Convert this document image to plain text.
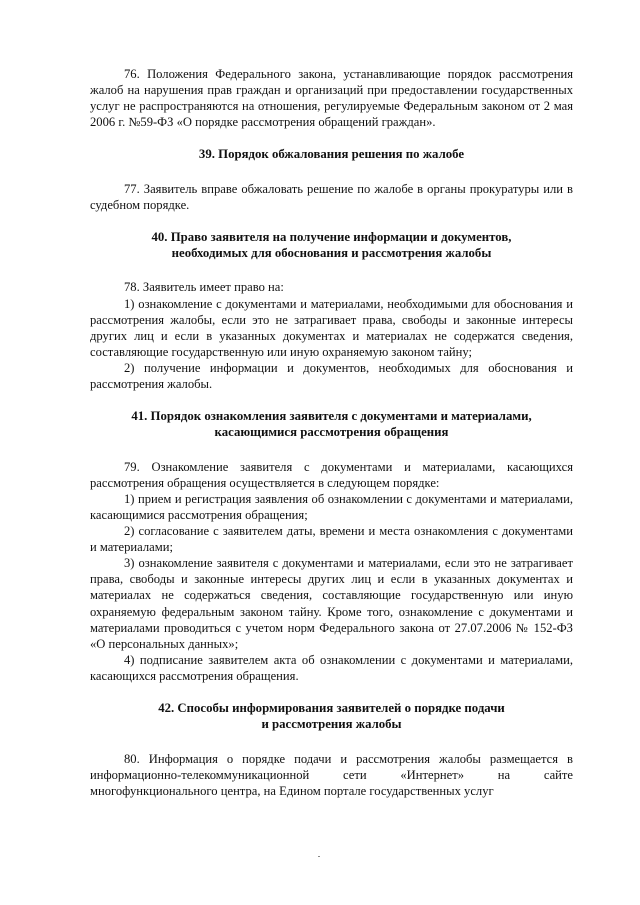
76. Положения Федерального закона, устанавливающие порядок рассмотрения жалоб на нарушения прав граждан и организаций при предоставлении государственных услуг не распространяются на отношения, регулируемые Федеральным законом от 2 мая 2006 г. №59-ФЗ «О порядке рассмотрения обращений граждан».

39. Порядок обжалования решения по жалобе

77. Заявитель вправе обжаловать решение по жалобе в органы прокуратуры или в судебном порядке.

40. Право заявителя на получение информации и документов,
необходимых для обоснования и рассмотрения жалобы

78. Заявитель имеет право на:

1) ознакомление с документами и материалами, необходимыми для обоснования и рассмотрения жалобы, если это не затрагивает права, свободы и законные интересы других лиц и если в указанных документах и материалах не содержатся сведения, составляющие государственную или иную охраняемую законом тайну;

2) получение информации и документов, необходимых для обоснования и рассмотрения жалобы.

41. Порядок ознакомления заявителя с документами и материалами,
касающимися рассмотрения обращения

79. Ознакомление заявителя с документами и материалами, касающихся рассмотрения обращения осуществляется в следующем порядке:

1) прием и регистрация заявления об ознакомлении с документами и материалами, касающимися рассмотрения обращения;

2) согласование с заявителем даты, времени и места ознакомления с документами и материалами;

3) ознакомление заявителя с документами и материалами, если это не затрагивает права, свободы и законные интересы других лиц и если в указанных документах и материалах не содержаться сведения, составляющие государственную или иную охраняемую федеральным законом тайну. Кроме того, ознакомление с документами и материалами проводиться с учетом норм Федерального закона от 27.07.2006 № 152-ФЗ «О персональных данных»;

4) подписание заявителем акта об ознакомлении с документами и материалами, касающихся рассмотрения обращения.

42. Способы информирования заявителей о порядке подачи
и рассмотрения жалобы

80. Информация о порядке подачи и рассмотрения жалобы размещается в информационно-телекоммуникационной сети «Интернет» на сайте многофункционального центра, на Едином портале государственных услуг
